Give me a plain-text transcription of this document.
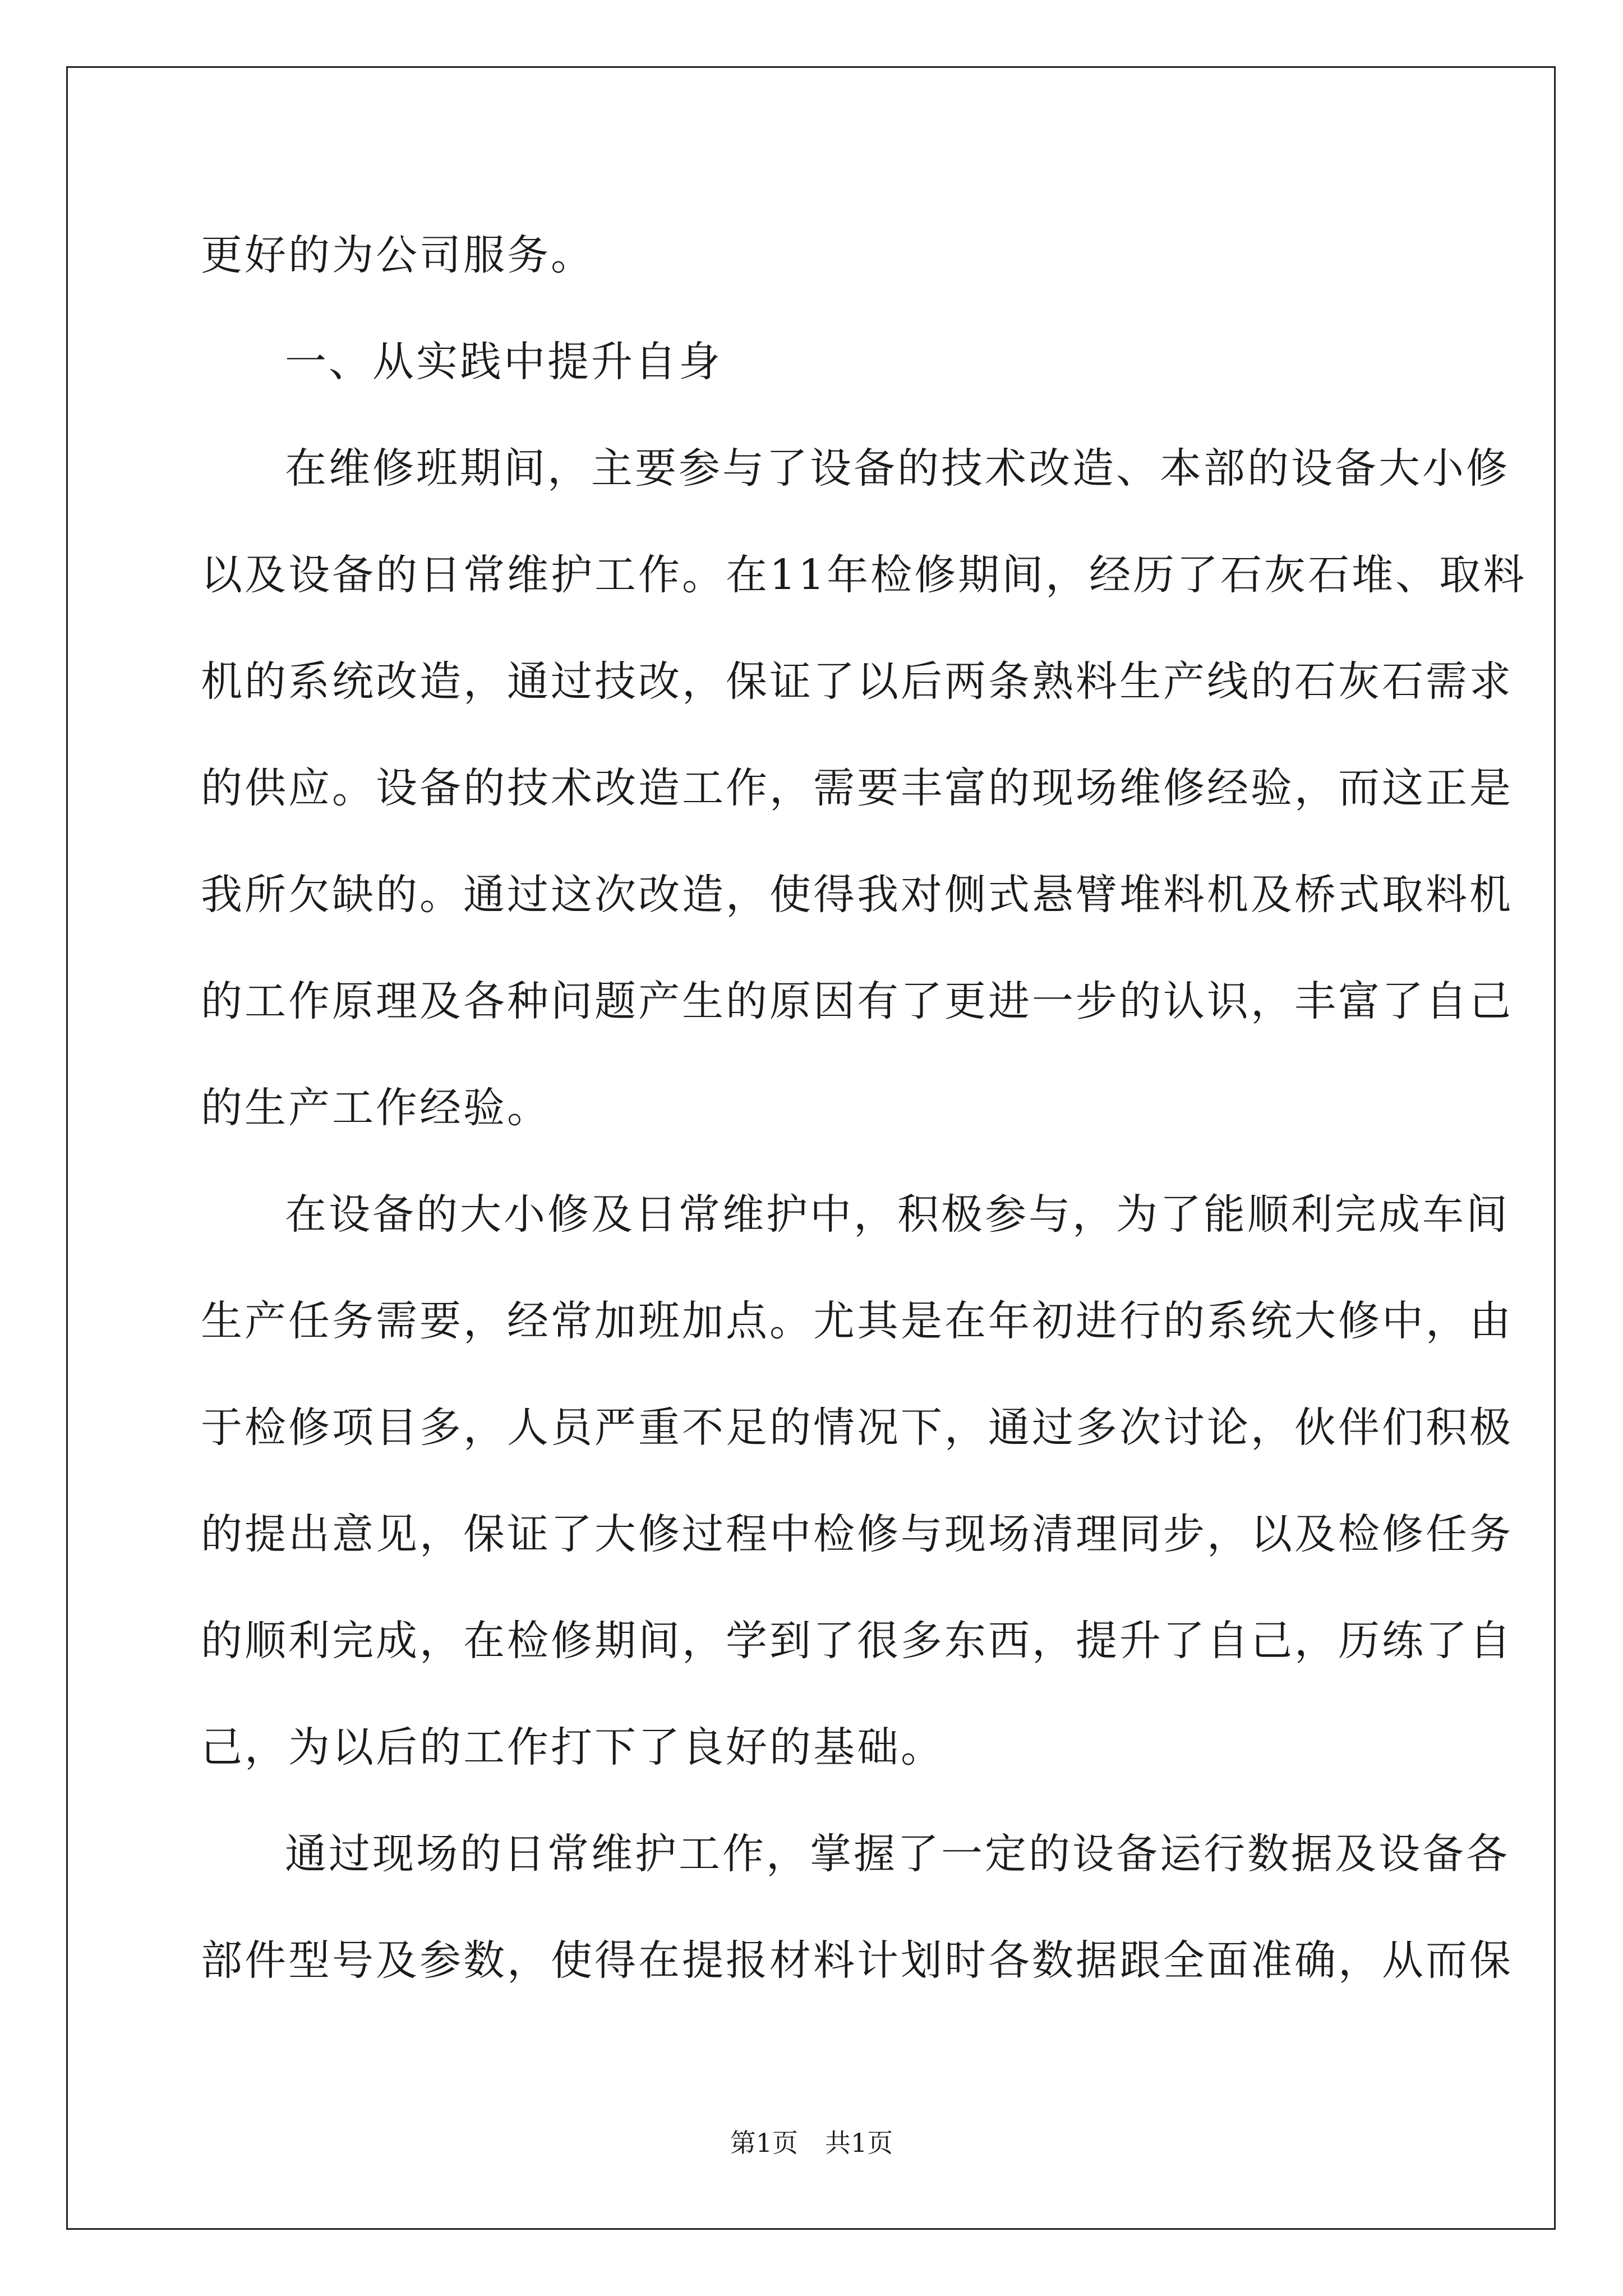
更好的为公司服务。
一、从实践中提升自身
在维修班期间，主要参与了设备的技术改造、本部的设备大小修
以及设备的日常维护工作。在11年检修期间，经历了石灰石堆、取料
机的系统改造，通过技改，保证了以后两条熟料生产线的石灰石需求
的供应。设备的技术改造工作，需要丰富的现场维修经验，而这正是
我所欠缺的。通过这次改造，使得我对侧式悬臂堆料机及桥式取料机
的工作原理及各种问题产生的原因有了更进一步的认识，丰富了自己
的生产工作经验。
在设备的大小修及日常维护中，积极参与，为了能顺利完成车间
生产任务需要，经常加班加点。尤其是在年初进行的系统大修中，由
于检修项目多，人员严重不足的情况下，通过多次讨论，伙伴们积极
的提出意见，保证了大修过程中检修与现场清理同步，以及检修任务
的顺利完成，在检修期间，学到了很多东西，提升了自己，历练了自
己，为以后的工作打下了良好的基础。
通过现场的日常维护工作，掌握了一定的设备运行数据及设备各
部件型号及参数，使得在提报材料计划时各数据跟全面准确，从而保
第1页 共1页
